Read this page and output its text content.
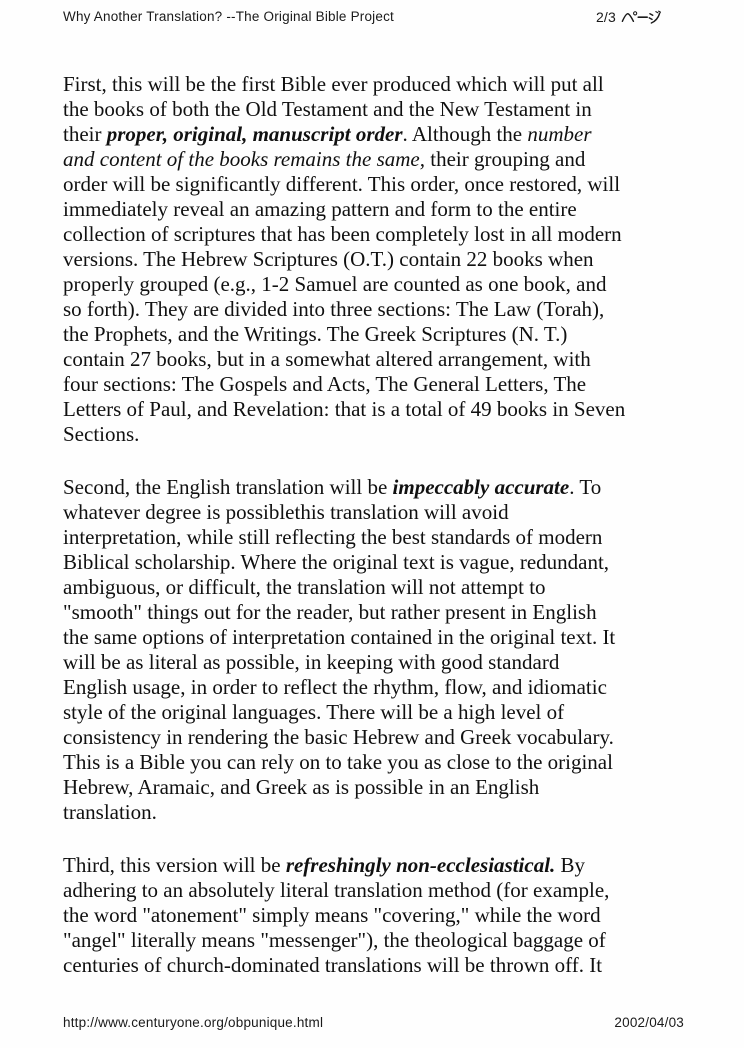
Why Another Translation? --The Original Bible Project	2/3
First, this will be the first Bible ever produced which will put all
the books of both the Old Testament and the New Testament in
their proper, original, manuscript order. Although the number
and content of the books remains the same, their grouping and
order will be significantly different. This order, once restored, will
immediately reveal an amazing pattern and form to the entire
collection of scriptures that has been completely lost in all modern
versions. The Hebrew Scriptures (O.T.) contain 22 books when
properly grouped (e.g., 1-2 Samuel are counted as one book, and
so forth). They are divided into three sections: The Law (Torah),
the Prophets, and the Writings. The Greek Scriptures (N. T.)
contain 27 books, but in a somewhat altered arrangement, with
four sections: The Gospels and Acts, The General Letters, The
Letters of Paul, and Revelation: that is a total of 49 books in Seven
Sections.
Second, the English translation will be impeccably accurate. To
whatever degree is possiblethis translation will avoid
interpretation, while still reflecting the best standards of modern
Biblical scholarship. Where the original text is vague, redundant,
ambiguous, or difficult, the translation will not attempt to
"smooth" things out for the reader, but rather present in English
the same options of interpretation contained in the original text. It
will be as literal as possible, in keeping with good standard
English usage, in order to reflect the rhythm, flow, and idiomatic
style of the original languages. There will be a high level of
consistency in rendering the basic Hebrew and Greek vocabulary.
This is a Bible you can rely on to take you as close to the original
Hebrew, Aramaic, and Greek as is possible in an English
translation.
Third, this version will be refreshingly non-ecclesiastical. By
adhering to an absolutely literal translation method (for example,
the word "atonement" simply means "covering," while the word
"angel" literally means "messenger"), the theological baggage of
centuries of church-dominated translations will be thrown off. It
http://www.centuryone.org/obpunique.html	2002/04/03
